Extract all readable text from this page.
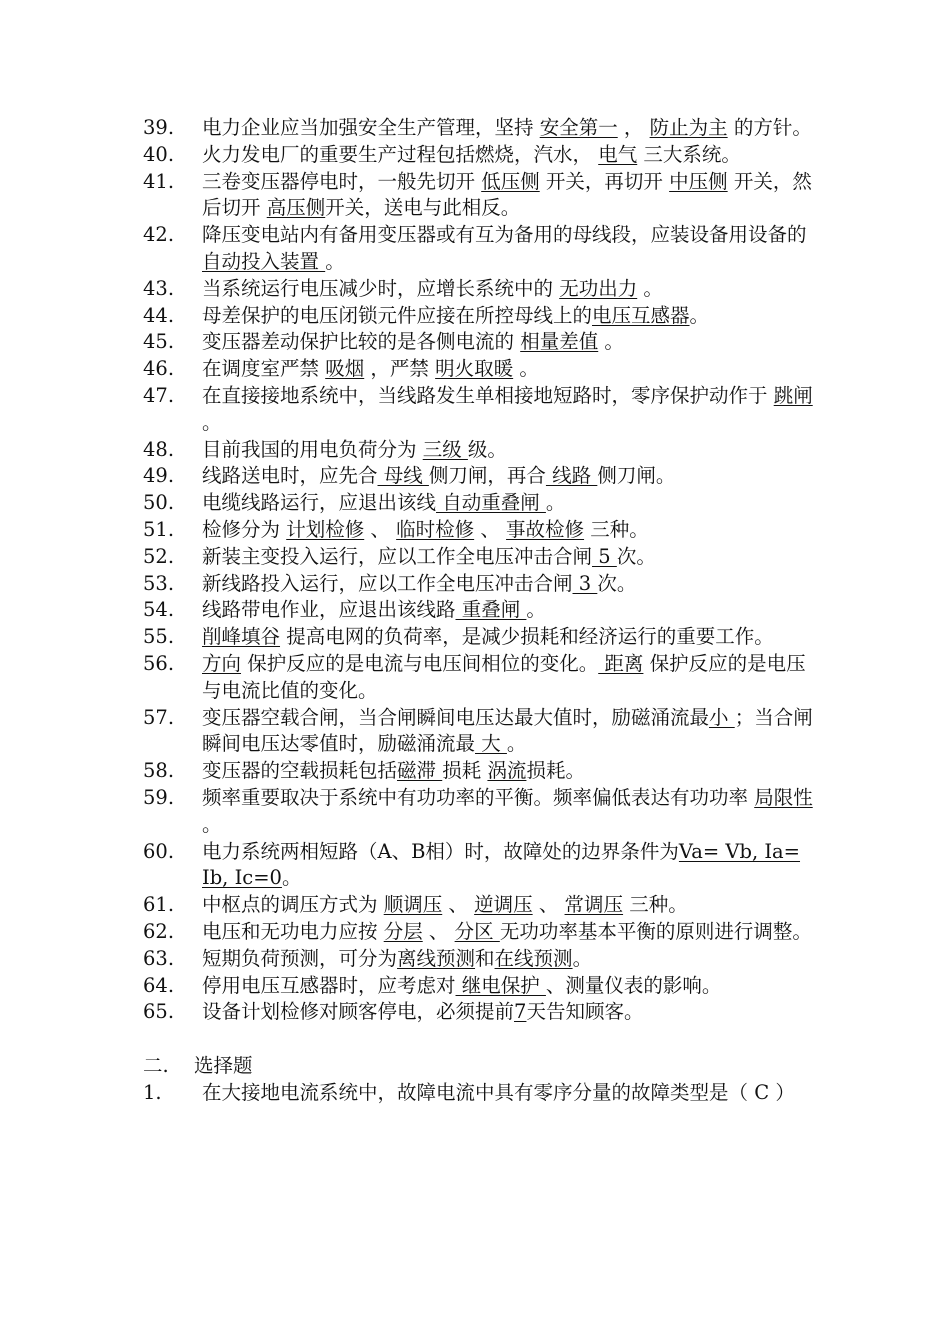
39. 电力企业应当加强安全生产管理，坚持 安全第一 ， 防止为主 的方针。
40. 火力发电厂的重要生产过程包括燃烧，汽水， 电气 三大系统。
41. 三卷变压器停电时，一般先切开 低压侧 开关，再切开 中压侧 开关，然后切开 高压侧开关，送电与此相反。
42. 降压变电站内有备用变压器或有互为备用的母线段，应装设备用设备的 自动投入装置 。
43. 当系统运行电压减少时，应增长系统中的 无功出力 。
44. 母差保护的电压闭锁元件应接在所控母线上的电压互感器。
45. 变压器差动保护比较的是各侧电流的 相量差值 。
46. 在调度室严禁 吸烟 ，严禁 明火取暖 。
47. 在直接接地系统中，当线路发生单相接地短路时，零序保护动作于 跳闸 。
48. 目前我国的用电负荷分为 三级 级。
49. 线路送电时，应先合 母线 侧刀闸，再合 线路 侧刀闸。
50. 电缆线路运行，应退出该线 自动重叠闸 。
51. 检修分为 计划检修 、 临时检修 、 事故检修 三种。
52. 新装主变投入运行，应以工作全电压冲击合闸 5 次。
53. 新线路投入运行，应以工作全电压冲击合闸 3 次。
54. 线路带电作业，应退出该线路 重叠闸 。
55. 削峰填谷 提高电网的负荷率，是减少损耗和经济运行的重要工作。
56. 方向 保护反应的是电流与电压间相位的变化。 距离 保护反应的是电压与电流比值的变化。
57. 变压器空载合闸，当合闸瞬间电压达最大值时，励磁涌流最小 ；当合闸瞬间电压达零值时，励磁涌流最 大 。
58. 变压器的空载损耗包括磁滞 损耗 涡流损耗。
59. 频率重要取决于系统中有功功率的平衡。频率偏低表达有功功率 局限性 。
60. 电力系统两相短路（A、B相）时，故障处的边界条件为Va= Vb, Ia= Ib, Ic=0。
61. 中枢点的调压方式为 顺调压 、 逆调压 、 常调压 三种。
62. 电压和无功电力应按 分层 、 分区 无功功率基本平衡的原则进行调整。
63. 短期负荷预测，可分为离线预测和在线预测。
64. 停用电压互感器时，应考虑对 继电保护 、测量仪表的影响。
65. 设备计划检修对顾客停电，必须提前7天告知顾客。
二. 选择题
1. 在大接地电流系统中，故障电流中具有零序分量的故障类型是（ C ）
